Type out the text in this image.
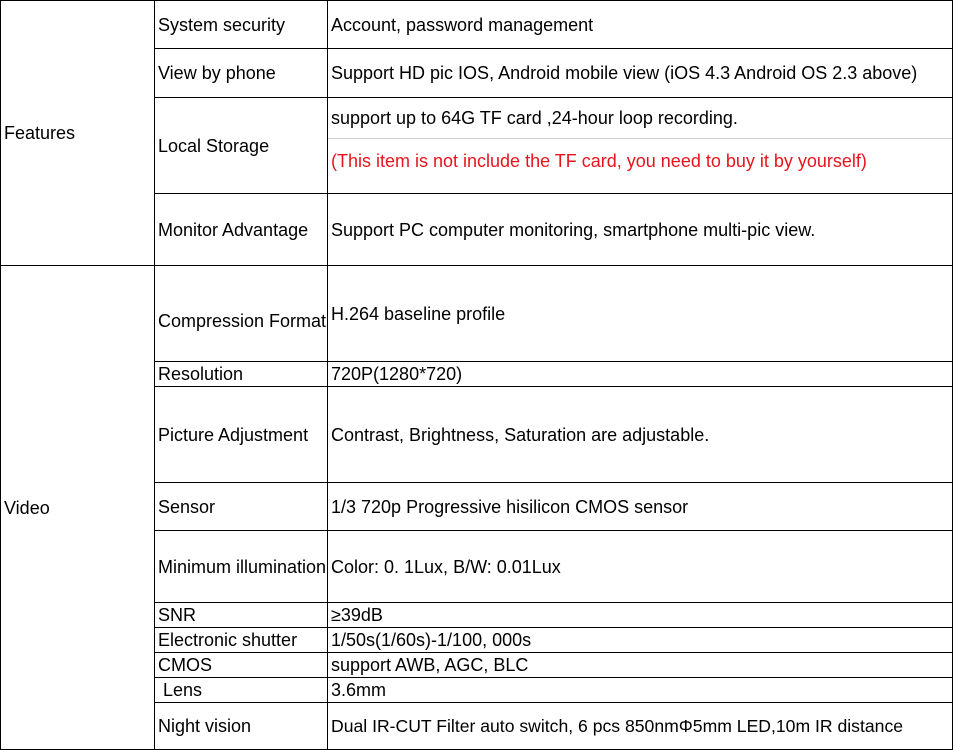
Features	System security	Account, password management
	View by phone	Support HD pic IOS, Android mobile view (iOS 4.3 Android OS 2.3 above)
	Local Storage	support up to 64G TF card ,24-hour loop recording.
(This item is not include the TF card, you need to buy it by yourself)

	Monitor Advantage	Support PC computer monitoring, smartphone multi-pic view.
Video	Compression Format	H.264 baseline profile
	Resolution	720P(1280*720)
	Picture Adjustment	Contrast, Brightness, Saturation are adjustable.
	Sensor	1/3 720p Progressive hisilicon CMOS sensor
	Minimum illumination	Color: 0. 1Lux, B/W: 0.01Lux
	SNR	≥39dB
	Electronic shutter	1/50s(1/60s)-1/100, 000s
	CMOS	support AWB, AGC, BLC
	Lens	3.6mm
	Night vision	Dual IR-CUT Filter auto switch, 6 pcs 850nmΦ5mm LED,10m IR distance
